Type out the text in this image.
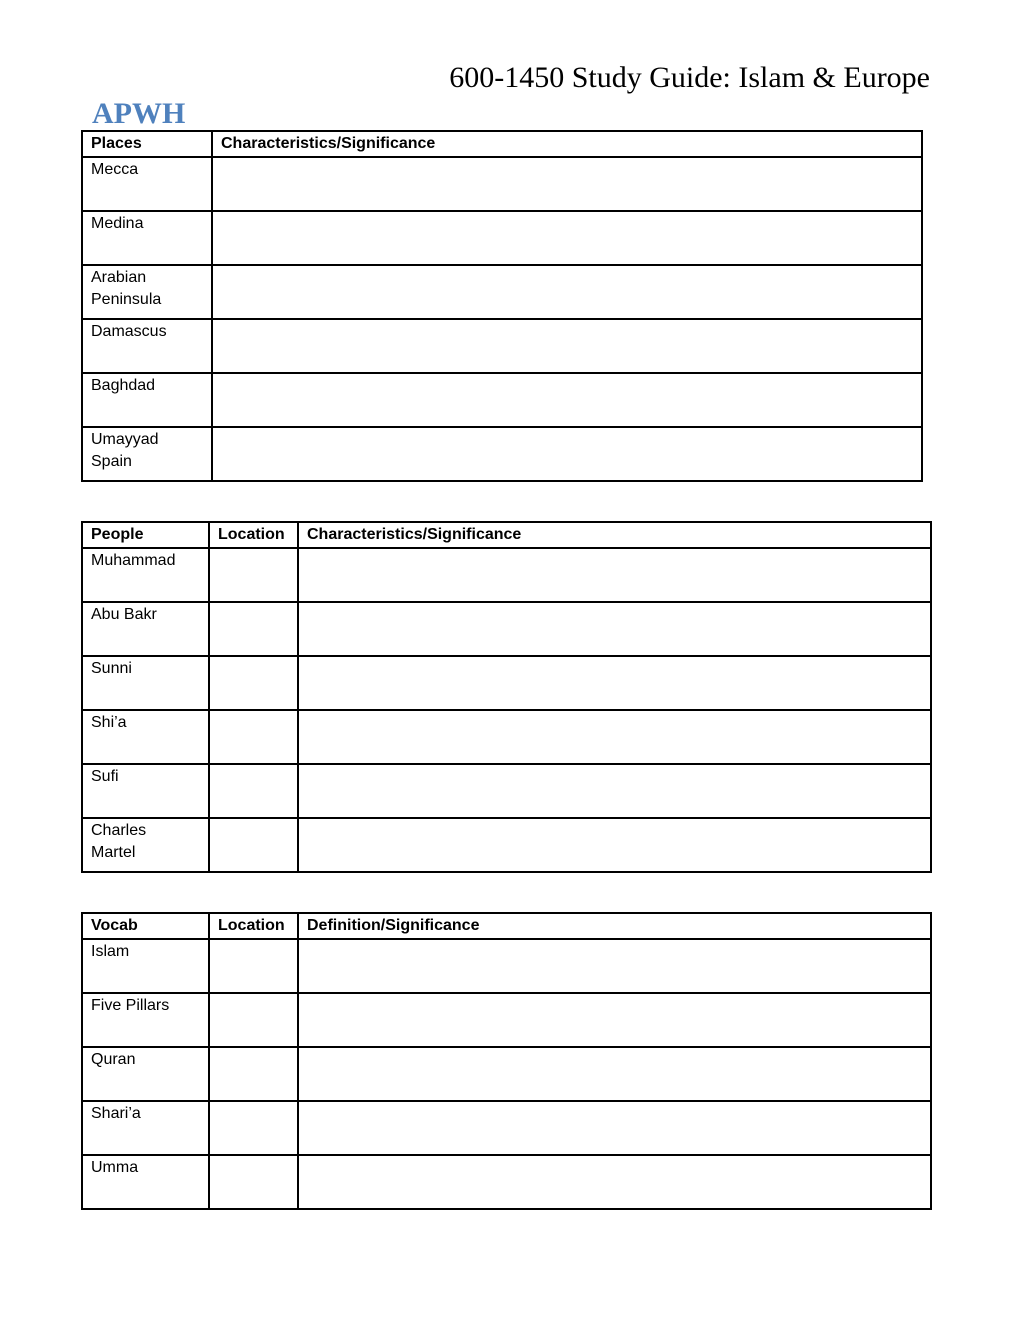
600-1450 Study Guide: Islam & Europe
APWH
Places	Characteristics/Significance
Mecca	
Medina	
Arabian Peninsula	
Damascus	
Baghdad	
Umayyad Spain	
People	Location	Characteristics/Significance
Muhammad		
Abu Bakr		
Sunni		
Shi’a		
Sufi		
Charles Martel		
Vocab	Location	Definition/Significance
Islam		
Five Pillars		
Quran		
Shari’a		
Umma		
